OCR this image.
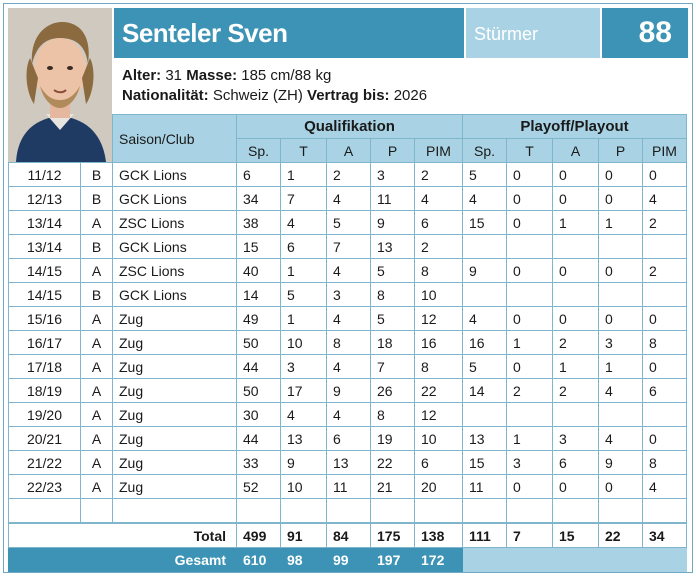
Senteler Sven	Stürmer	88
Alter: 31 Masse: 185 cm/88 kg
Nationalität: Schweiz (ZH) Vertrag bis: 2026
		Saison/Club	Qualifikation					Playoff/Playout				
			Sp.	T	A	P	PIM	Sp.	T	A	P	PIM
11/12	B	GCK Lions	6	1	2	3	2	5	0	0	0	0
12/13	B	GCK Lions	34	7	4	11	4	4	0	0	0	4
13/14	A	ZSC Lions	38	4	5	9	6	15	0	1	1	2
13/14	B	GCK Lions	15	6	7	13	2					
14/15	A	ZSC Lions	40	1	4	5	8	9	0	0	0	2
14/15	B	GCK Lions	14	5	3	8	10					
15/16	A	Zug	49	1	4	5	12	4	0	0	0	0
16/17	A	Zug	50	10	8	18	16	16	1	2	3	8
17/18	A	Zug	44	3	4	7	8	5	0	1	1	0
18/19	A	Zug	50	17	9	26	22	14	2	2	4	6
19/20	A	Zug	30	4	4	8	12					
20/21	A	Zug	44	13	6	19	10	13	1	3	4	0
21/22	A	Zug	33	9	13	22	6	15	3	6	9	8
22/23	A	Zug	52	10	11	21	20	11	0	0	0	4

Total			499	91	84	175	138	111	7	15	22	34
Gesamt			610	98	99	197	172					
